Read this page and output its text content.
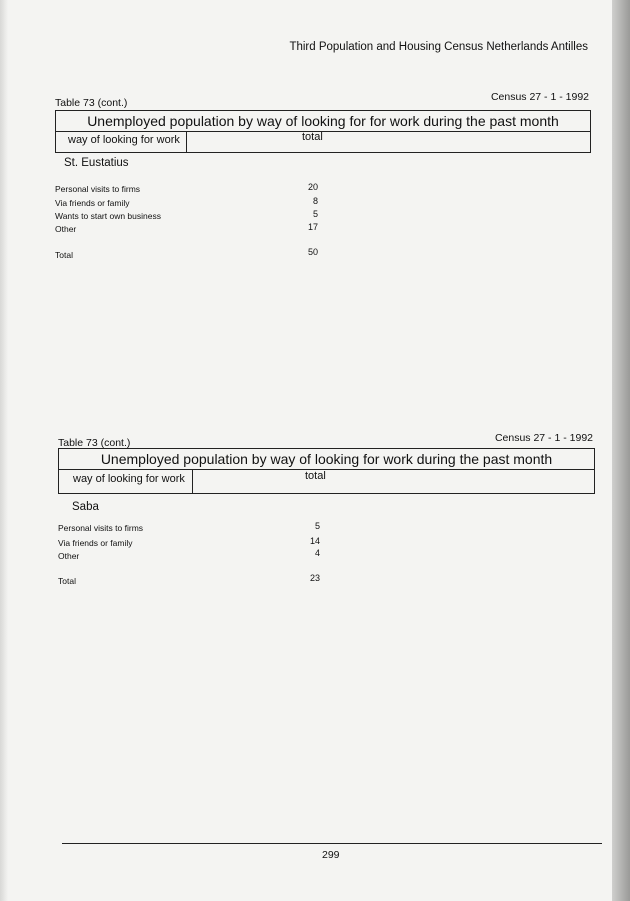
Third Population and Housing Census Netherlands Antilles
Table 73 (cont.)	Census 27 - 1 - 1992
Unemployed population by way of looking for for work during the past month
way of looking for work	total
St. Eustatius
Personal visits to firms	20
Via friends or family	8
Wants to start own business	5
Other	17
Total	50
Table 73 (cont.)	Census 27 - 1 - 1992
Unemployed population by way of looking for work during the past month
way of looking for work	total
Saba
Personal visits to firms	5
Via friends or family	14
Other	4
Total	23
299
